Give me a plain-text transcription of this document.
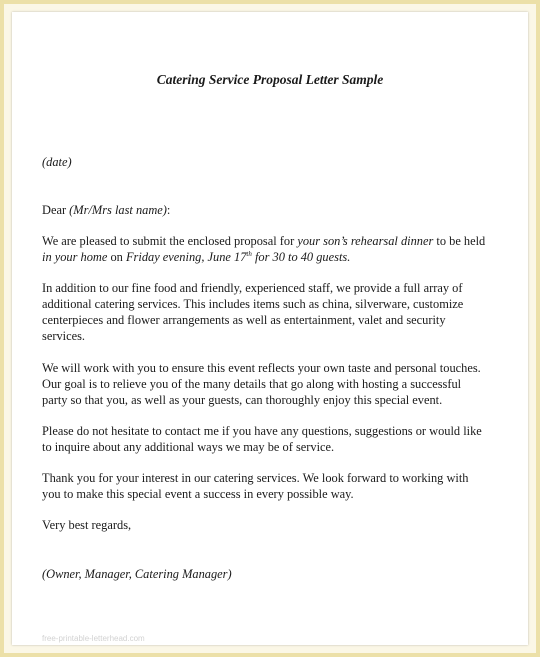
Catering Service Proposal Letter Sample

(date)

Dear (Mr/Mrs last name):

We are pleased to submit the enclosed proposal for your son’s rehearsal dinner to be held
in your home on Friday evening, June 17th for 30 to 40 guests.

In addition to our fine food and friendly, experienced staff, we provide a full array of
additional catering services. This includes items such as china, silverware, customize
centerpieces and flower arrangements as well as entertainment, valet and security
services.

We will work with you to ensure this event reflects your own taste and personal touches.
Our goal is to relieve you of the many details that go along with hosting a successful
party so that you, as well as your guests, can thoroughly enjoy this special event.

Please do not hesitate to contact me if you have any questions, suggestions or would like
to inquire about any additional ways we may be of service.

Thank you for your interest in our catering services. We look forward to working with
you to make this special event a success in every possible way.

Very best regards,

(Owner, Manager, Catering Manager)

free-printable-letterhead.com
